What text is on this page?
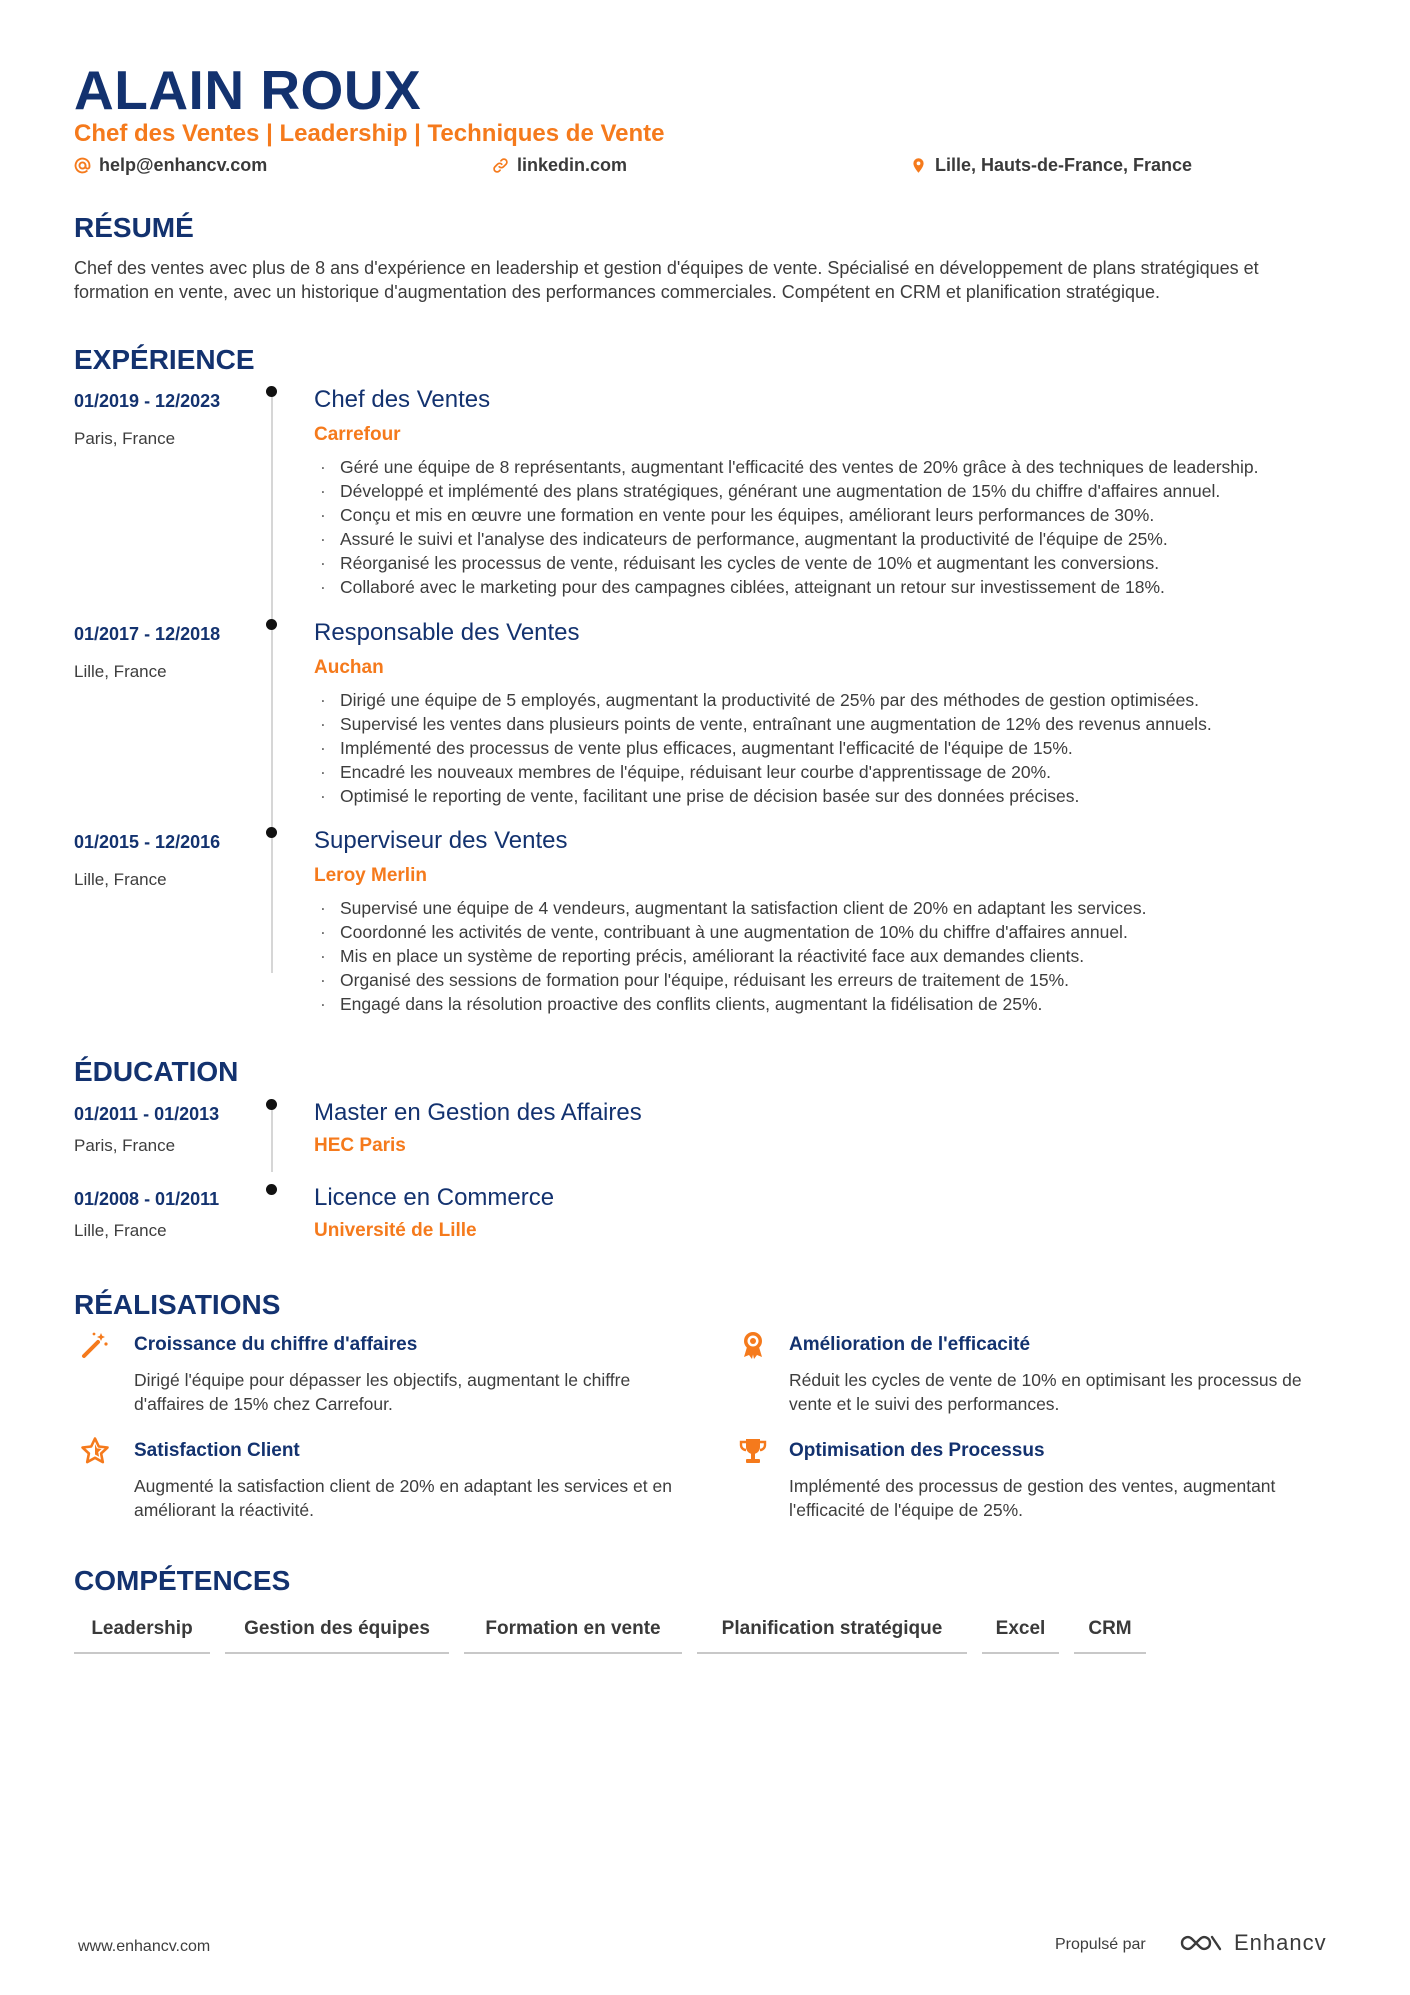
ALAIN ROUX
Chef des Ventes | Leadership | Techniques de Vente
help@enhancv.com	linkedin.com	Lille, Hauts-de-France, France
RÉSUMÉ
Chef des ventes avec plus de 8 ans d'expérience en leadership et gestion d'équipes de vente. Spécialisé en développement de plans stratégiques et formation en vente, avec un historique d'augmentation des performances commerciales. Compétent en CRM et planification stratégique.
EXPÉRIENCE
01/2019 - 12/2023
Paris, France
Chef des Ventes
Carrefour
· Géré une équipe de 8 représentants, augmentant l'efficacité des ventes de 20% grâce à des techniques de leadership.
· Développé et implémenté des plans stratégiques, générant une augmentation de 15% du chiffre d'affaires annuel.
· Conçu et mis en œuvre une formation en vente pour les équipes, améliorant leurs performances de 30%.
· Assuré le suivi et l'analyse des indicateurs de performance, augmentant la productivité de l'équipe de 25%.
· Réorganisé les processus de vente, réduisant les cycles de vente de 10% et augmentant les conversions.
· Collaboré avec le marketing pour des campagnes ciblées, atteignant un retour sur investissement de 18%.
01/2017 - 12/2018
Lille, France
Responsable des Ventes
Auchan
· Dirigé une équipe de 5 employés, augmentant la productivité de 25% par des méthodes de gestion optimisées.
· Supervisé les ventes dans plusieurs points de vente, entraînant une augmentation de 12% des revenus annuels.
· Implémenté des processus de vente plus efficaces, augmentant l'efficacité de l'équipe de 15%.
· Encadré les nouveaux membres de l'équipe, réduisant leur courbe d'apprentissage de 20%.
· Optimisé le reporting de vente, facilitant une prise de décision basée sur des données précises.
01/2015 - 12/2016
Lille, France
Superviseur des Ventes
Leroy Merlin
· Supervisé une équipe de 4 vendeurs, augmentant la satisfaction client de 20% en adaptant les services.
· Coordonné les activités de vente, contribuant à une augmentation de 10% du chiffre d'affaires annuel.
· Mis en place un système de reporting précis, améliorant la réactivité face aux demandes clients.
· Organisé des sessions de formation pour l'équipe, réduisant les erreurs de traitement de 15%.
· Engagé dans la résolution proactive des conflits clients, augmentant la fidélisation de 25%.
ÉDUCATION
01/2011 - 01/2013
Paris, France
Master en Gestion des Affaires
HEC Paris
01/2008 - 01/2011
Lille, France
Licence en Commerce
Université de Lille
RÉALISATIONS
Croissance du chiffre d'affaires
Dirigé l'équipe pour dépasser les objectifs, augmentant le chiffre d'affaires de 15% chez Carrefour.
Amélioration de l'efficacité
Réduit les cycles de vente de 10% en optimisant les processus de vente et le suivi des performances.
Satisfaction Client
Augmenté la satisfaction client de 20% en adaptant les services et en améliorant la réactivité.
Optimisation des Processus
Implémenté des processus de gestion des ventes, augmentant l'efficacité de l'équipe de 25%.
COMPÉTENCES
Leadership	Gestion des équipes	Formation en vente	Planification stratégique	Excel	CRM
www.enhancv.com	Propulsé par	Enhancv
